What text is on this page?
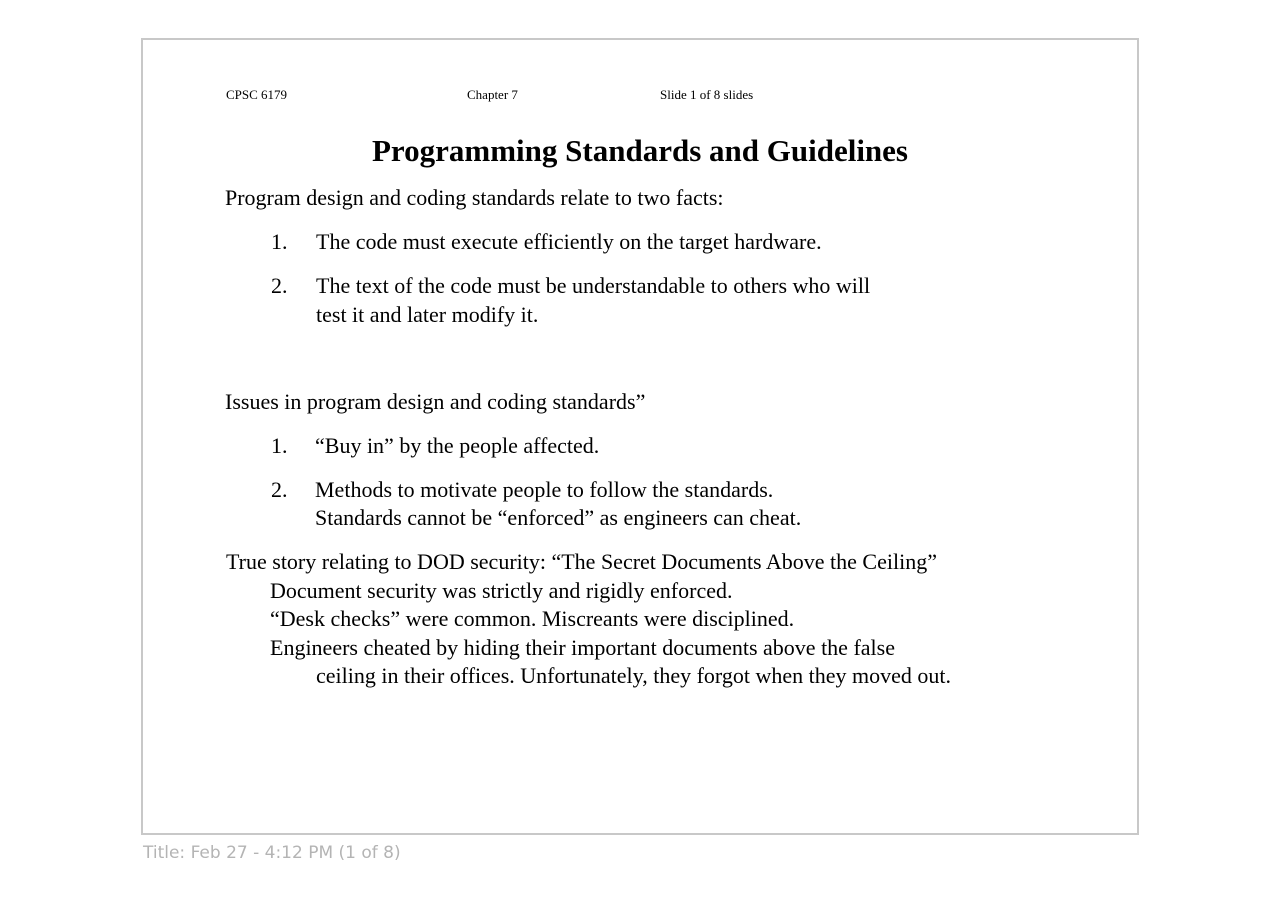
CPSC 6179	Chapter 7	Slide 1 of 8 slides
Programming Standards and Guidelines
Program design and coding standards relate to two facts:
1. The code must execute efficiently on the target hardware.
2. The text of the code must be understandable to others who will
test it and later modify it.
Issues in program design and coding standards”
1. “Buy in” by the people affected.
2. Methods to motivate people to follow the standards.
Standards cannot be “enforced” as engineers can cheat.
True story relating to DOD security: “The Secret Documents Above the Ceiling”
Document security was strictly and rigidly enforced.
“Desk checks” were common. Miscreants were disciplined.
Engineers cheated by hiding their important documents above the false
ceiling in their offices. Unfortunately, they forgot when they moved out.
Title: Feb 27 - 4:12 PM (1 of 8)
